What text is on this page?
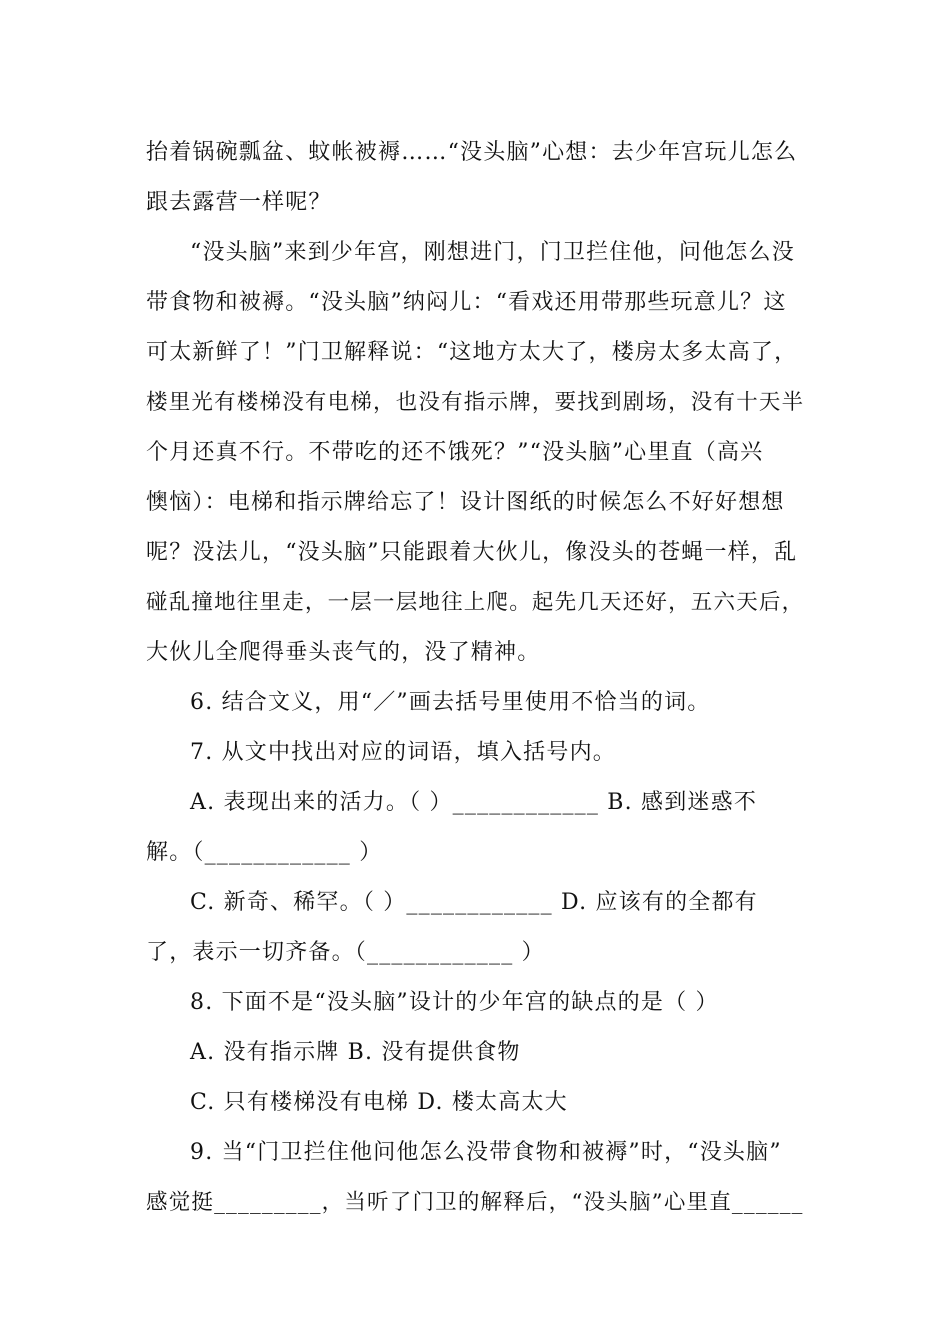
抬着锅碗瓢盆、蚊帐被褥……“没头脑”心想：去少年宫玩儿怎么
跟去露营一样呢？
“没头脑”来到少年宫，刚想进门，门卫拦住他，问他怎么没
带食物和被褥。“没头脑”纳闷儿：“看戏还用带那些玩意儿？这
可太新鲜了！”门卫解释说：“这地方太大了，楼房太多太高了，
楼里光有楼梯没有电梯，也没有指示牌，要找到剧场，没有十天半
个月还真不行。不带吃的还不饿死？”“没头脑”心里直（高兴
懊恼）：电梯和指示牌给忘了！设计图纸的时候怎么不好好想想
呢？没法儿，“没头脑”只能跟着大伙儿，像没头的苍蝇一样，乱
碰乱撞地往里走，一层一层地往上爬。起先几天还好，五六天后，
大伙儿全爬得垂头丧气的，没了精神。
6. 结合文义，用“／”画去括号里使用不恰当的词。
7. 从文中找出对应的词语，填入括号内。
A. 表现出来的活力。（ ）____________ B. 感到迷惑不
解。（____________ ）
C. 新奇、稀罕。（ ）____________ D. 应该有的全都有
了，表示一切齐备。（____________ ）
8. 下面不是“没头脑”设计的少年宫的缺点的是（ ）
A. 没有指示牌 B. 没有提供食物
C. 只有楼梯没有电梯 D. 楼太高太大
9. 当“门卫拦住他问他怎么没带食物和被褥”时，“没头脑”
感觉挺_________，当听了门卫的解释后，“没头脑”心里直______
